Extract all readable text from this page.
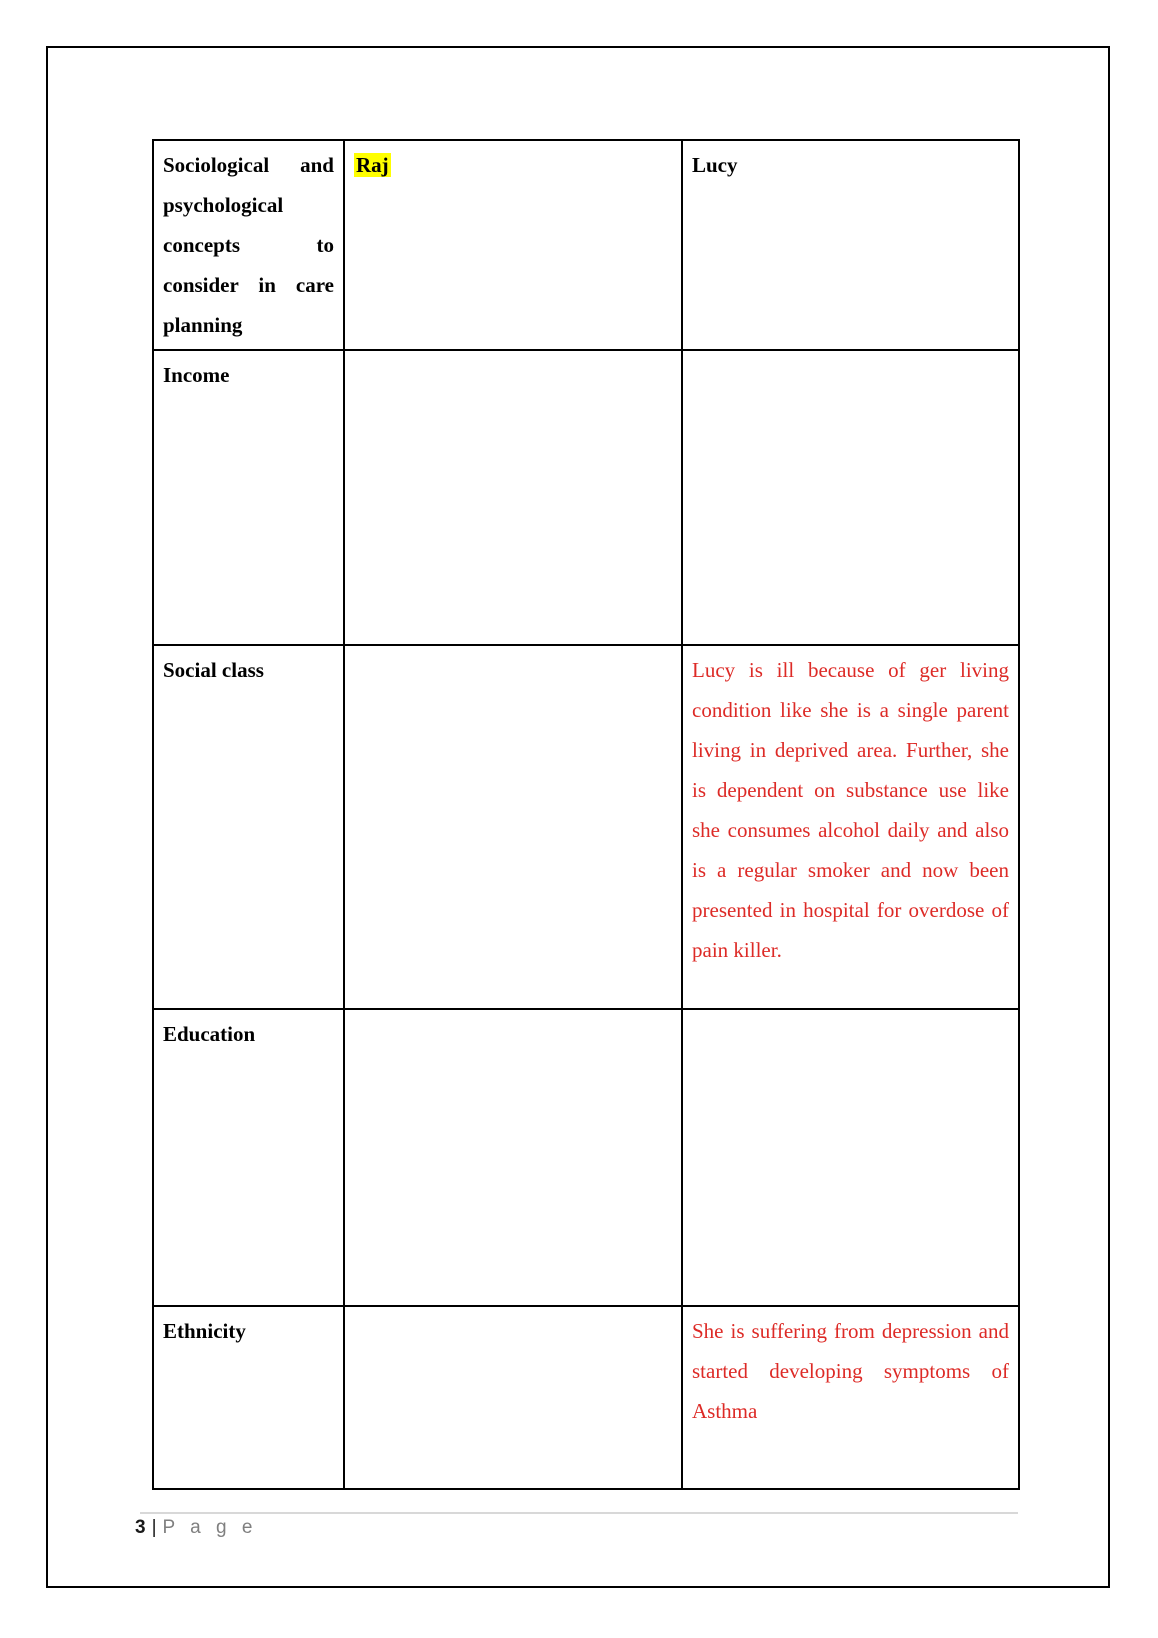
Sociological and psychological concepts to consider in care planning	Raj	Lucy
Income		
Social class		Lucy is ill because of ger living condition like she is a single parent living in deprived area. Further, she is dependent on substance use like she consumes alcohol daily and also is a regular smoker and now been presented in hospital for overdose of pain killer.
Education		
Ethnicity		She is suffering from depression and started developing symptoms of Asthma
3 | P a g e
